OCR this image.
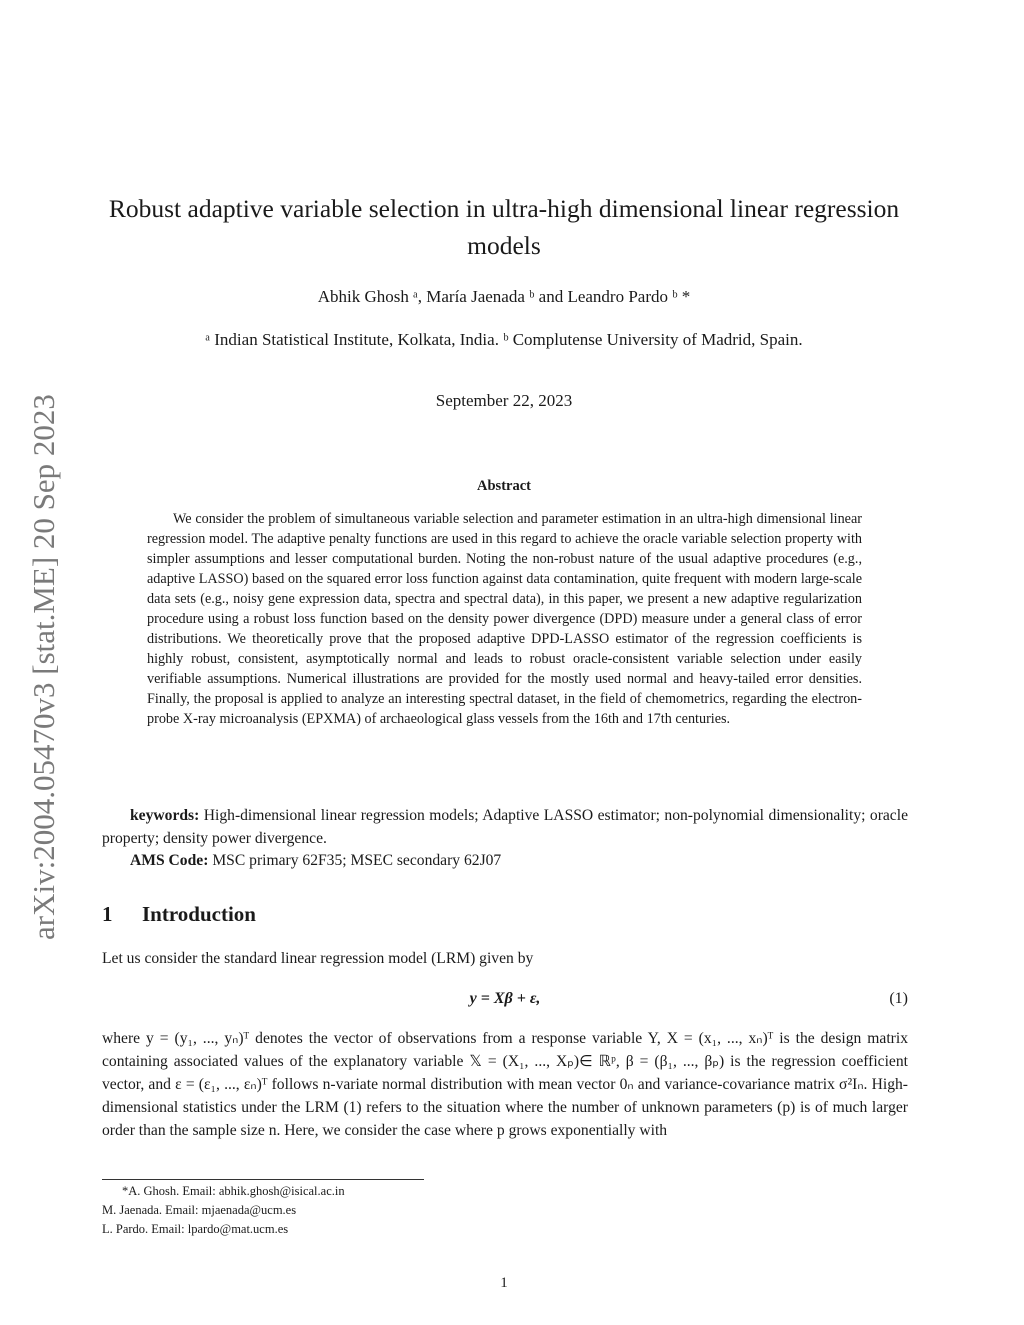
arXiv:2004.05470v3 [stat.ME] 20 Sep 2023
Robust adaptive variable selection in ultra-high dimensional linear regression models
Abhik Ghosh ᵃ, María Jaenada ᵇ and Leandro Pardo ᵇ *
ᵃ Indian Statistical Institute, Kolkata, India. ᵇ Complutense University of Madrid, Spain.
September 22, 2023
Abstract
We consider the problem of simultaneous variable selection and parameter estimation in an ultra-high dimensional linear regression model. The adaptive penalty functions are used in this regard to achieve the oracle variable selection property with simpler assumptions and lesser computational burden. Noting the non-robust nature of the usual adaptive procedures (e.g., adaptive LASSO) based on the squared error loss function against data contamination, quite frequent with modern large-scale data sets (e.g., noisy gene expression data, spectra and spectral data), in this paper, we present a new adaptive regularization procedure using a robust loss function based on the density power divergence (DPD) measure under a general class of error distributions. We theoretically prove that the proposed adaptive DPD-LASSO estimator of the regression coefficients is highly robust, consistent, asymptotically normal and leads to robust oracle-consistent variable selection under easily verifiable assumptions. Numerical illustrations are provided for the mostly used normal and heavy-tailed error densities. Finally, the proposal is applied to analyze an interesting spectral dataset, in the field of chemometrics, regarding the electron-probe X-ray microanalysis (EPXMA) of archaeological glass vessels from the 16th and 17th centuries.

keywords: High-dimensional linear regression models; Adaptive LASSO estimator; non-polynomial dimensionality; oracle property; density power divergence.

AMS Code: MSC primary 62F35; MSEC secondary 62J07

1 Introduction
Let us consider the standard linear regression model (LRM) given by
y = Xβ + ε,	(1)
where y = (y₁, ..., yₙ)ᵀ denotes the vector of observations from a response variable Y, X = (x₁, ..., xₙ)ᵀ is the design matrix containing associated values of the explanatory variable 𝕏 = (X₁, ..., Xₚ)∈ ℝᵖ, β = (β₁, ..., βₚ) is the regression coefficient vector, and ε = (ε₁, ..., εₙ)ᵀ follows n-variate normal distribution with mean vector 0ₙ and variance-covariance matrix σ²Iₙ. High-dimensional statistics under the LRM (1) refers to the situation where the number of unknown parameters (p) is of much larger order than the sample size n. Here, we consider the case where p grows exponentially with
*A. Ghosh. Email: abhik.ghosh@isical.ac.in
M. Jaenada. Email: mjaenada@ucm.es
L. Pardo. Email: lpardo@mat.ucm.es
1
